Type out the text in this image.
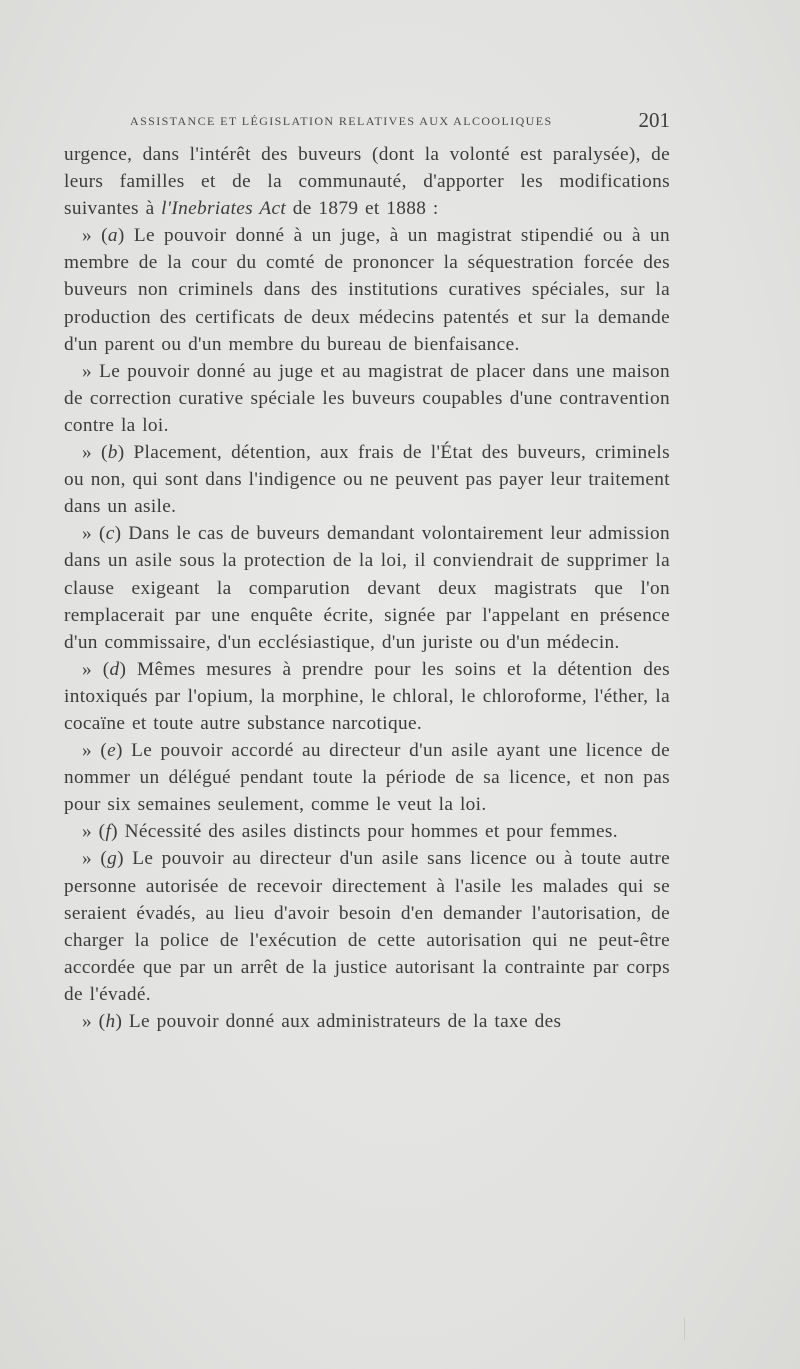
ASSISTANCE ET LÉGISLATION RELATIVES AUX ALCOOLIQUES	201

urgence, dans l'intérêt des buveurs (dont la volonté est paralysée), de leurs familles et de la communauté, d'apporter les modifications suivantes à l'Inebriates Act de 1879 et 1888 :

» (a) Le pouvoir donné à un juge, à un magistrat stipendié ou à un membre de la cour du comté de prononcer la séquestration forcée des buveurs non criminels dans des institutions curatives spéciales, sur la production des certificats de deux médecins patentés et sur la demande d'un parent ou d'un membre du bureau de bienfaisance.

» Le pouvoir donné au juge et au magistrat de placer dans une maison de correction curative spéciale les buveurs coupables d'une contravention contre la loi.

» (b) Placement, détention, aux frais de l'État des buveurs, criminels ou non, qui sont dans l'indigence ou ne peuvent pas payer leur traitement dans un asile.

» (c) Dans le cas de buveurs demandant volontairement leur admission dans un asile sous la protection de la loi, il conviendrait de supprimer la clause exigeant la comparution devant deux magistrats que l'on remplacerait par une enquête écrite, signée par l'appelant en présence d'un commissaire, d'un ecclésiastique, d'un juriste ou d'un médecin.

» (d) Mêmes mesures à prendre pour les soins et la détention des intoxiqués par l'opium, la morphine, le chloral, le chloroforme, l'éther, la cocaïne et toute autre substance narcotique.

» (e) Le pouvoir accordé au directeur d'un asile ayant une licence de nommer un délégué pendant toute la période de sa licence, et non pas pour six semaines seulement, comme le veut la loi.

» (f) Nécessité des asiles distincts pour hommes et pour femmes.

» (g) Le pouvoir au directeur d'un asile sans licence ou à toute autre personne autorisée de recevoir directement à l'asile les malades qui se seraient évadés, au lieu d'avoir besoin d'en demander l'autorisation, de charger la police de l'exécution de cette autorisation qui ne peut-être accordée que par un arrêt de la justice autorisant la contrainte par corps de l'évadé.

» (h) Le pouvoir donné aux administrateurs de la taxe des
